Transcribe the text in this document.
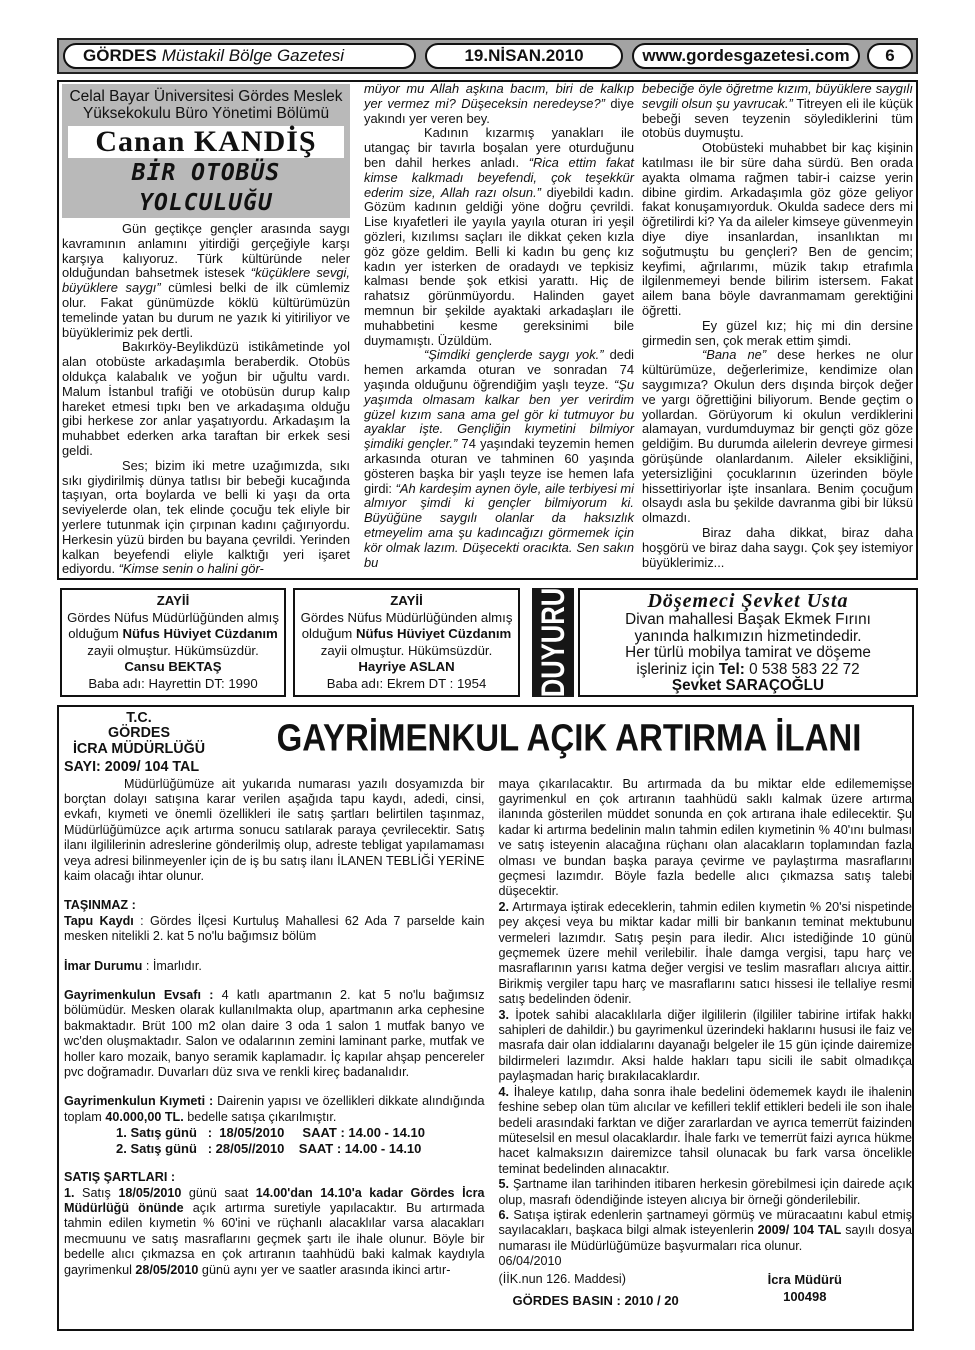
GÖRDES Müstakil Bölge Gazetesi	19.NİSAN.2010	www.gordesgazetesi.com 6
Celal Bayar Üniversitesi Gördes Meslek
Yüksekokulu Büro Yönetimi Bölümü
Canan KANDİŞ
BİR OTOBÜS YOLCULUĞU

Gün geçtikçe gençler arasında saygı kavramının anlamını yitirdiği gerçeğiyle karşı karşıya kalıyoruz. Türk kültüründe neler olduğundan bahsetmek istesek “küçüklere sevgi, büyüklere saygı” cümlesi belki de ilk cümlemiz olur. Fakat günümüzde köklü kültürümüzün temelinde yatan bu durum ne yazık ki yitiriliyor ve büyüklerimiz pek dertli.

Bakırköy-Beylikdüzü istikâmetinde yol alan otobüste arkadaşımla beraberdik. Otobüs oldukça kalabalık ve yoğun bir uğultu vardı. Malum İstanbul trafiği ve otobüsün durup kalıp hareket etmesi tıpkı ben ve arkadaşıma olduğu gibi herkese zor anlar yaşatıyordu. Arkadaşım la muhabbet ederken arka taraftan bir erkek sesi geldi.

Ses; bizim iki metre uzağımızda, sıkı sıkı giydirilmiş dünya tatlısı bir bebeği kucağında taşıyan, orta boylarda ve belli ki yaşı da orta seviyelerde olan, tek elinde çocuğu tek eliyle bir yerlere tutunmak için çırpınan kadını çağırıyordu. Herkesin yüzü birden bu bayana çevrildi. Yerinden kalkan beyefendi eliyle kalktığı yeri işaret ediyordu. “Kimse senin o halini gör-

müyor mu Allah aşkına bacım, biri de kalkıp yer vermez mi? Düşeceksin neredeyse?” diye yakındı yer veren bey.

Kadının kızarmış yanakları ile utangaç bir tavırla boşalan yere oturduğunu ben dahil herkes anladı. “Rica ettim fakat kimse kalkmadı beyefendi, çok teşekkür ederim size, Allah razı olsun.” diyebildi kadın. Gözüm kadının geldiği yöne doğru çevrildi. Lise kıyafetleri ile yayıla yayıla oturan iri yeşil gözleri, kızılımsı saçları ile dikkat çeken kızla göz göze geldim. Belli ki kadın bu genç kız kadın yer isterken de oradaydı ve tepkisiz kalması bende şok etkisi yarattı. Hiç de rahatsız görünmüyordu. Halinden gayet memnun bir şekilde ayaktaki arkadaşları ile muhabbetini kesme gereksinimi bile duymamıştı. Üzüldüm.

“Şimdiki gençlerde saygı yok.” dedi hemen arkamda oturan ve sonradan 74 yaşında olduğunu öğrendiğim yaşlı teyze. “Şu yaşımda olmasam kalkar ben yer verirdim güzel kızım sana ama gel gör ki tutmuyor bu ayaklar işte. Gençliğin kıymetini bilmiyor şimdiki gençler.” 74 yaşındaki teyzemin hemen arkasında oturan ve tahminen 60 yaşında gösteren başka bir yaşlı teyze ise hemen lafa girdi: “Ah kardeşim aynen öyle, aile terbiyesi mi almıyor şimdi ki gençler bilmiyorum ki. Büyüğüne saygılı olanlar da haksızlık etmeyelim ama şu kadıncağızı görmemek için kör olmak lazım. Düşecekti oracıkta. Sen sakın bu

bebeciğe öyle öğretme kızım, büyüklere saygılı sevgili olsun şu yavrucak.” Titreyen eli ile küçük bebeği seven teyzenin söylediklerini tüm otobüs duymuştu.

Otobüsteki muhabbet bir kaç kişinin katılması ile bir süre daha sürdü. Ben orada ayakta olmama rağmen tabir-i caizse yerin dibine girdim. Arkadaşımla göz göze geliyor fakat konuşamıyorduk. Okulda sadece ders mi öğretilirdi ki? Ya da aileler kimseye güvenmeyin diye diye insanlardan, insanlıktan mı soğutmuştu bu gençleri? Ben de gencim; keyfimi, ağrılarımı, müzik takıp etrafımla ilgilenmemeyi bende bilirim istersem. Fakat ailem bana böyle davranmamam gerektiğini öğretti.

Ey güzel kız; hiç mi din dersine girmedin sen, çok merak ettim şimdi.

“Bana ne” dese herkes ne olur kültürümüze, değerlerimize, kendimize olan saygımıza? Okulun ders dışında birçok değer ve yargı öğrettiğini biliyorum. Bende geçtim o yollardan. Görüyorum ki okulun verdiklerini alamayan, vurdumduymaz bir gençti göz göze geldiğim. Bu durumda ailelerin devreye girmesi görüşünde olanlardanım. Aileler eksikliğini, yetersizliğini çocuklarının üzerinden böyle hissettiriyorlar işte insanlara. Benim çocuğum olsaydı asla bu şekilde davranma gibi bir lüksü olmazdı.

Biraz daha dikkat, biraz daha hoşgörü ve biraz daha saygı. Çok şey istemiyor büyüklerimiz...

ZAYİİ
Gördes Nüfus Müdürlüğünden almış
olduğum Nüfus Hüviyet Cüzdanım
zayii olmuştur. Hükümsüzdür.
Cansu BEKTAŞ
Baba adı: Hayrettin DT: 1990
ZAYİİ
Gördes Nüfus Müdürlüğünden almış
olduğum Nüfus Hüviyet Cüzdanım
zayii olmuştur. Hükümsüzdür.
Hayriye ASLAN
Baba adı: Ekrem DT : 1954	DUYURU	Döşemeci Şevket Usta
Divan mahallesi Başak Ekmek Fırını
yanında halkımızın hizmetindedir.
Her türlü mobilya tamirat ve döşeme
işleriniz için Tel: 0 538 583 22 72
Şevket SARAÇOĞLU
T.C.
GÖRDES
İCRA MÜDÜRLÜĞÜ
SAYI: 2009/ 104 TAL
GAYRİMENKUL AÇIK ARTIRMA İLANI

Müdürlüğümüze ait yukarıda numarası yazılı dosyamızda bir borçtan dolayı satışına karar verilen aşağıda tapu kaydı, adedi, cinsi, evkafı, kıymeti ve önemli özellikleri ile satış şartları belirtilen taşınmaz, Müdürlüğümüzce açık artırma sonucu satılarak paraya çevrilecektir. Satış ilanı ilgililerinin adreslerine gönderilmiş olup, adreste tebligat yapılamaması veya adresi bilinmeyenler için de iş bu satış ilanı İLANEN TEBLİĞİ YERİNE kaim olacağı ihtar olunur.

TAŞINMAZ :

Tapu Kaydı : Gördes İlçesi Kurtuluş Mahallesi 62 Ada 7 parselde kain mesken nitelikli 2. kat 5 no'lu bağımsız bölüm

İmar Durumu : İmarlıdır.

Gayrimenkulun Evsafı : 4 katlı apartmanın 2. kat 5 no'lu bağımsız bölümüdür. Mesken olarak kullanılmakta olup, apartmanın arka cephesine bakmaktadır. Brüt 100 m2 olan daire 3 oda 1 salon 1 mutfak banyo ve wc'den oluşmaktadır. Salon ve odalarının zemini laminant parke, mutfak ve holler karo mozaik, banyo seramik kaplamadır. İç kapılar ahşap pencereler pvc doğramadır. Duvarları düz sıva ve renkli kireç badanalıdır.

Gayrimenkulun Kıymeti : Dairenin yapısı ve özellikleri dikkate alındığında toplam 40.000,00 TL. bedelle satışa çıkarılmıştır.

1. Satış günü   :  18/05/2010     SAAT : 14.00 - 14.10

2. Satış günü   : 28/05//2010    SAAT : 14.00 - 14.10

SATIŞ ŞARTLARI :

1. Satış 18/05/2010 günü saat 14.00'dan 14.10'a kadar Gördes İcra Müdürlüğü önünde açık artırma suretiyle yapılacaktır. Bu artırmada tahmin edilen kıymetin % 60'ini ve rüçhanlı alacaklılar varsa alacakları mecmuunu ve satış masraflarını geçmek şartı ile ihale olunur. Böyle bir bedelle alıcı çıkmazsa en çok artıranın taahhüdü baki kalmak kaydıyla gayrimenkul 28/05/2010 günü aynı yer ve saatler arasında ikinci artır-

maya çıkarılacaktır. Bu artırmada da bu miktar elde edilememişse gayrimenkul en çok artıranın taahhüdü saklı kalmak üzere artırma ilanında gösterilen müddet sonunda en çok artırana ihale edilecektir. Şu kadar ki artırma bedelinin malın tahmin edilen kıymetinin % 40'ını bulması ve satış isteyenin alacağına rüçhanı olan alacakların toplamından fazla olması ve bundan başka paraya çevirme ve paylaştırma masraflarını geçmesi lazımdır. Böyle fazla bedelle alıcı çıkmazsa satış talebi düşecektir.

2. Artırmaya iştirak edeceklerin, tahmin edilen kıymetin % 20'si nispetinde pey akçesi veya bu miktar kadar milli bir bankanın teminat mektubunu vermeleri lazımdır. Satış peşin para iledir. Alıcı istediğinde 10 günü geçmemek üzere mehil verilebilir. İhale damga vergisi, tapu harç ve masraflarının yarısı katma değer vergisi ve teslim masrafları alıcıya aittir. Birikmiş vergiler tapu harç ve masraflarını satıcı hissesi ile tellaliye resmi satış bedelinden ödenir.

3. İpotek sahibi alacaklılarla diğer ilgililerin (ilgililer tabirine irtifak hakkı sahipleri de dahildir.) bu gayrimenkul üzerindeki haklarını hususi ile faiz ve masrafa dair olan iddialarını dayanağı belgeler ile 15 gün içinde dairemize bildirmeleri lazımdır. Aksi halde hakları tapu sicili ile sabit olmadıkça paylaşmadan hariç bırakılacaklardır.

4. İhaleye katılıp, daha sonra ihale bedelini ödememek kaydı ile ihalenin feshine sebep olan tüm alıcılar ve kefilleri teklif ettikleri bedeli ile son ihale bedeli arasındaki farktan ve diğer zararlardan ve ayrıca temerrüt faizinden müteselsil en mesul olacaklardır. İhale farkı ve temerrüt faizi ayrıca hükme hacet kalmaksızın dairemizce tahsil olunacak bu fark varsa öncelikle teminat bedelinden alınacaktır.

5. Şartname ilan tarihinden itibaren herkesin görebilmesi için dairede açık olup, masrafı ödendiğinde isteyen alıcıya bir örneği gönderilebilir.

6. Satışa iştirak edenlerin şartnameyi görmüş ve müracaatını kabul etmiş sayılacakları, başkaca bilgi almak isteyenlerin 2009/ 104 TAL sayılı dosya numarası ile Müdürlüğümüze başvurmaları rica olunur.

06/04/2010

(İİK.nun 126. Maddesi)
GÖRDES BASIN : 2010 / 20
İcra Müdürü
100498
